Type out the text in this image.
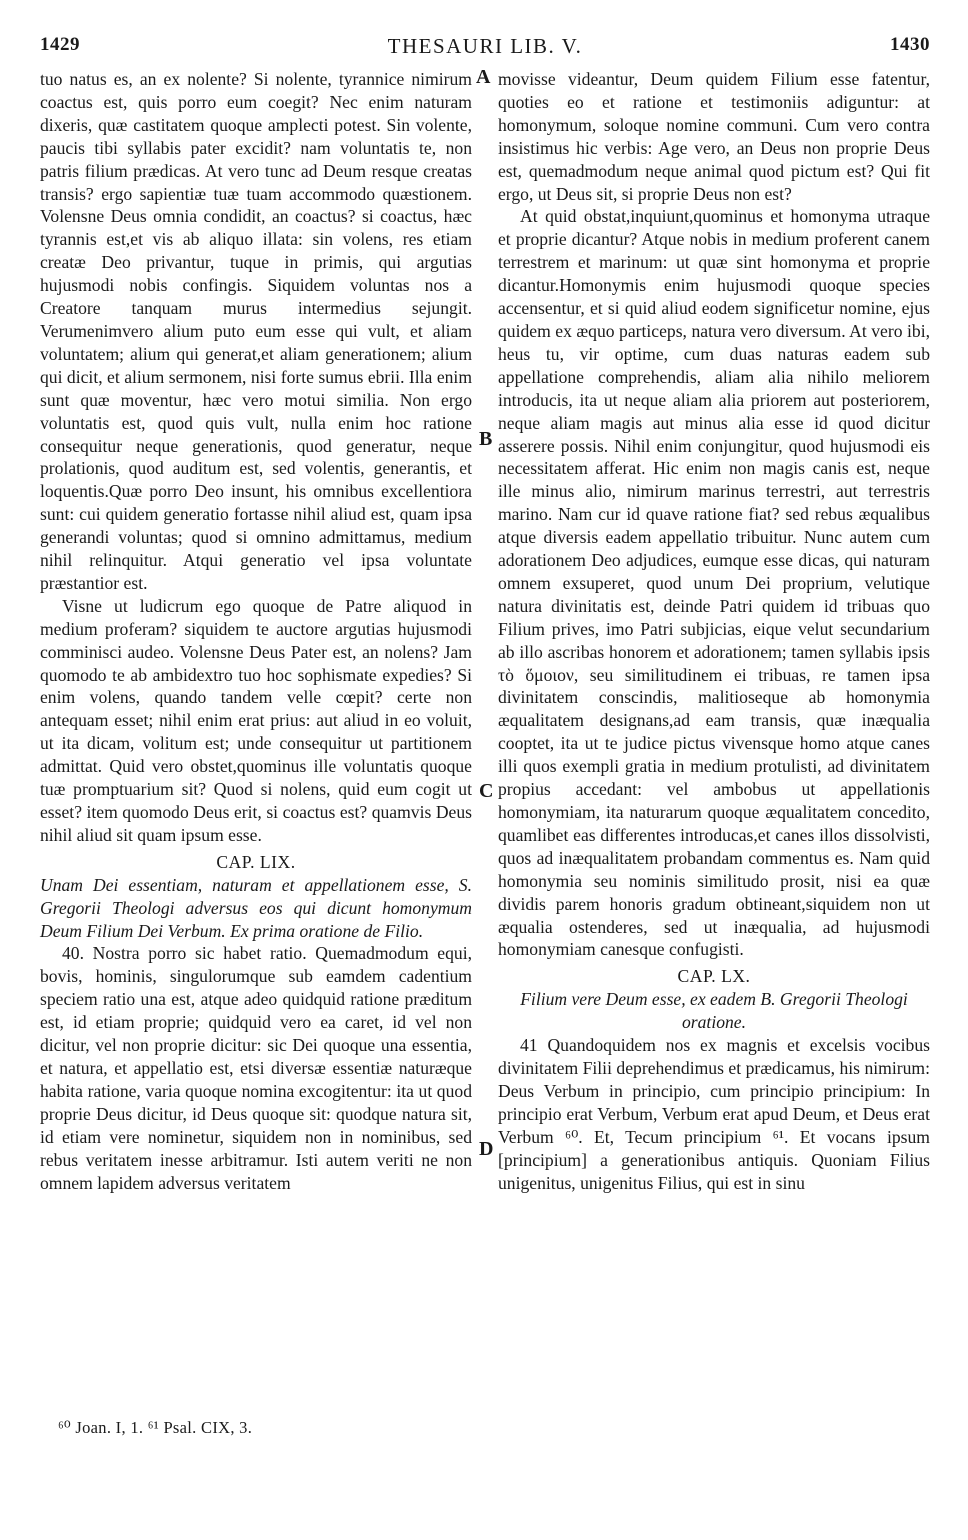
1429	THESAURI LIB. V.	1430

tuo natus es, an ex nolente? Si nolente, tyrannice nimirum coactus est, quis porro eum coegit? Nec enim naturam dixeris, quæ castitatem quoque amplecti potest. Sin volente, paucis tibi syllabis pater excidit? nam voluntatis te, non patris filium prædicas. At vero tunc ad Deum resque creatas transis? ergo sapientiæ tuæ tuam accommodo quæstionem. Volensne Deus omnia condidit, an coactus? si coactus, hæc tyrannis est,et vis ab aliquo illata: sin volens, res etiam creatæ Deo privantur, tuque in primis, qui argutias hujusmodi nobis confingis. Siquidem voluntas nos a Creatore tanquam murus intermedius sejungit. Verumenimvero alium puto eum esse qui vult, et aliam voluntatem; alium qui generat,et aliam generationem; alium qui dicit, et alium sermonem, nisi forte sumus ebrii. Illa enim sunt quæ moventur, hæc vero motui similia. Non ergo voluntatis est, quod quis vult, nulla enim hoc ratione consequitur neque generationis, quod generatur, neque prolationis, quod auditum est, sed volentis, generantis, et loquentis.Quæ porro Deo insunt, his omnibus excellentiora sunt: cui quidem generatio fortasse nihil aliud est, quam ipsa generandi voluntas; quod si omnino admittamus, medium nihil relinquitur. Atqui generatio vel ipsa voluntate præstantior est.

Visne ut ludicrum ego quoque de Patre aliquod in medium proferam? siquidem te auctore argutias hujusmodi comminisci audeo. Volensne Deus Pater est, an nolens? Jam quomodo te ab ambidextro tuo hoc sophismate expedies? Si enim volens, quando tandem velle cœpit? certe non antequam esset; nihil enim erat prius: aut aliud in eo voluit, ut ita dicam, volitum est; unde consequitur ut partitionem admittat. Quid vero obstet,quominus ille voluntatis quoque tuæ promptuarium sit? Quod si nolens, quid eum cogit ut esset? item quomodo Deus erit, si coactus est? quamvis Deus nihil aliud sit quam ipsum esse.

CAP. LIX.

Unam Dei essentiam, naturam et appellationem esse, S. Gregorii Theologi adversus eos qui dicunt homonymum Deum Filium Dei Verbum. Ex prima oratione de Filio.

40. Nostra porro sic habet ratio. Quemadmodum equi, bovis, hominis, singulorumque sub eamdem cadentium speciem ratio una est, atque adeo quidquid ratione præditum est, id etiam proprie; quidquid vero ea caret, id vel non dicitur, vel non proprie dicitur: sic Dei quoque una essentia, et natura, et appellatio est, etsi diversæ essentiæ naturæque habita ratione, varia quoque nomina excogitentur: ita ut quod proprie Deus dicitur, id Deus quoque sit: quodque natura sit, id etiam vere nominetur, siquidem non in nominibus, sed rebus veritatem inesse arbitramur. Isti autem veriti ne non omnem lapidem adversus veritatem

movisse videantur, Deum quidem Filium esse fatentur, quoties eo et ratione et testimoniis adiguntur: at homonymum, soloque nomine communi. Cum vero contra insistimus hic verbis: Age vero, an Deus non proprie Deus est, quemadmodum neque animal quod pictum est? Qui fit ergo, ut Deus sit, si proprie Deus non est?

At quid obstat,inquiunt,quominus et homonyma utraque et proprie dicantur? Atque nobis in medium proferent canem terrestrem et marinum: ut quæ sint homonyma et proprie dicantur.Homonymis enim hujusmodi quoque species accensentur, et si quid aliud eodem significetur nomine, ejus quidem ex æquo particeps, natura vero diversum. At vero ibi, heus tu, vir optime, cum duas naturas eadem sub appellatione comprehendis, aliam alia nihilo meliorem introducis, ita ut neque aliam alia priorem aut posteriorem, neque aliam magis aut minus alia esse id quod dicitur asserere possis. Nihil enim conjungitur, quod hujusmodi eis necessitatem afferat. Hic enim non magis canis est, neque ille minus alio, nimirum marinus terrestri, aut terrestris marino. Nam cur id quave ratione fiat? sed rebus æqualibus atque diversis eadem appellatio tribuitur. Nunc autem cum adorationem Deo adjudices, eumque esse dicas, qui naturam omnem exsuperet, quod unum Dei proprium, velutique natura divinitatis est, deinde Patri quidem id tribuas quo Filium prives, imo Patri subjicias, eique velut secundarium ab illo ascribas honorem et adorationem; tamen syllabis ipsis τὸ ὅμοιον, seu similitudinem ei tribuas, re tamen ipsa divinitatem conscindis, malitioseque ab homonymia æqualitatem designans,ad eam transis, quæ inæqualia cooptet, ita ut te judice pictus vivensque homo atque canes illi quos exempli gratia in medium protulisti, ad divinitatem propius accedant: vel ambobus ut appellationis homonymiam, ita naturarum quoque æqualitatem concedito, quamlibet eas differentes introducas,et canes illos dissolvisti, quos ad inæqualitatem probandam commentus es. Nam quid homonymia seu nominis similitudo prosit, nisi ea quæ dividis parem honoris gradum obtineant,siquidem non ut æqualia ostenderes, sed ut inæqualia, ad hujusmodi homonymiam canesque confugisti.

CAP. LX.

Filium vere Deum esse, ex eadem B. Gregorii Theologi oratione.

41 Quandoquidem nos ex magnis et excelsis vocibus divinitatem Filii deprehendimus et prædicamus, his nimirum: Deus Verbum in principio, cum principio principium: In principio erat Verbum, Verbum erat apud Deum, et Deus erat Verbum ⁶⁰. Et, Tecum principium ⁶¹. Et vocans ipsum [principium] a generationibus antiquis. Quoniam Filius unigenitus, unigenitus Filius, qui est in sinu

A
B
C
D
⁶⁰ Joan. I, 1. ⁶¹ Psal. CIX, 3.
